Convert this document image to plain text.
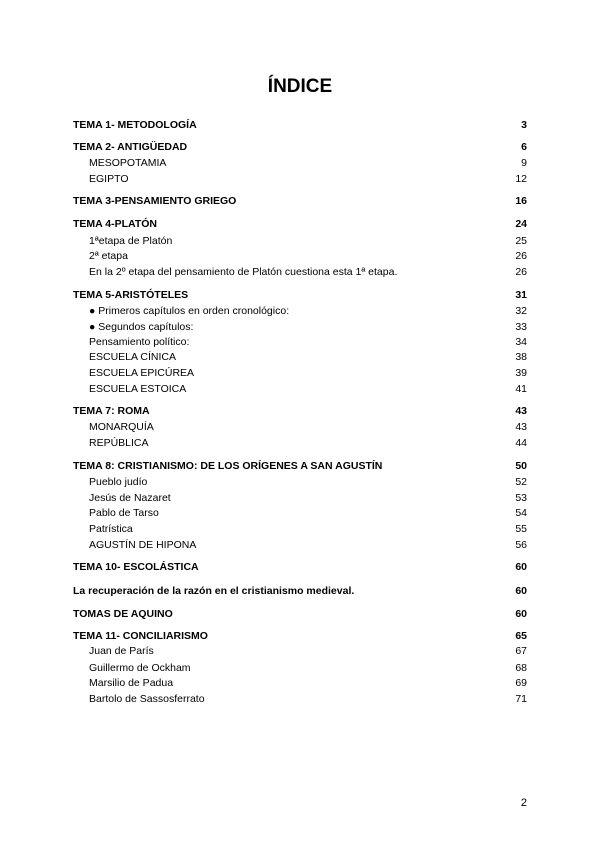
ÍNDICE
TEMA 1- METODOLOGÍA	3
TEMA 2- ANTIGÜEDAD	6
MESOPOTAMIA	9
EGIPTO	12
TEMA 3-PENSAMIENTO GRIEGO	16
TEMA 4-PLATÓN	24
1ªetapa de Platón	25
2ª etapa	26
En la 2º etapa del pensamiento de Platón cuestiona esta 1ª etapa.	26
TEMA 5-ARISTÓTELES	31
● Primeros capítulos en orden cronológico:	32
● Segundos capítulos:	33
Pensamiento político:	34
ESCUELA CÍNICA	38
ESCUELA EPICÚREA	39
ESCUELA ESTOICA	41
TEMA 7: ROMA	43
MONARQUÍA	43
REPÚBLICA	44
TEMA 8: CRISTIANISMO: DE LOS ORÍGENES A SAN AGUSTÍN	50
Pueblo judío	52
Jesús de Nazaret	53
Pablo de Tarso	54
Patrística	55
AGUSTÍN DE HIPONA	56
TEMA 10- ESCOLÁSTICA	60
La recuperación de la razón en el cristianismo medieval.	60
TOMAS DE AQUINO	60
TEMA 11- CONCILIARISMO	65
Juan de París	67
Guillermo de Ockham	68
Marsilio de Padua	69
Bartolo de Sassosferrato	71
2
